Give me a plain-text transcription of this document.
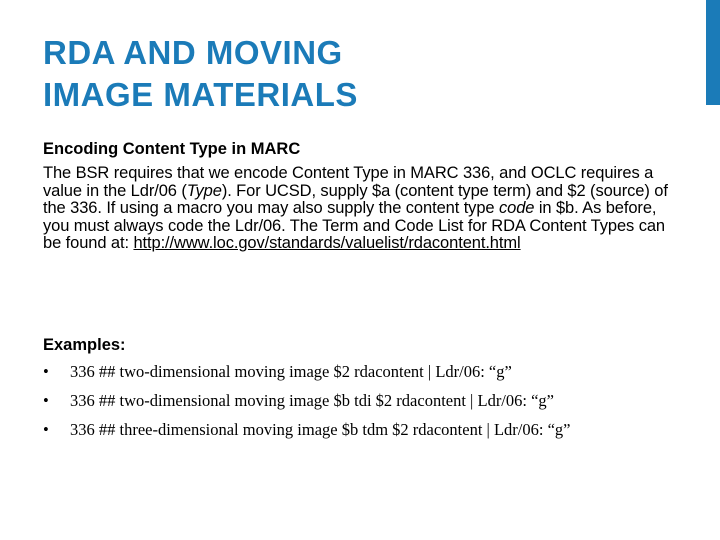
RDA AND MOVING
IMAGE MATERIALS

Encoding Content Type in MARC

The BSR requires that we encode Content Type in MARC 336, and OCLC requires a value in the Ldr/06 (Type). For UCSD, supply $a (content type term) and $2 (source) of the 336. If using a macro you may also supply the content type code in $b. As before, you must always code the Ldr/06. The Term and Code List for RDA Content Types can be found at: http://www.loc.gov/standards/valuelist/rdacontent.html

Examples:

•	336 ## two-dimensional moving image $2 rdacontent | Ldr/06: “g”
•	336 ## two-dimensional moving image $b tdi $2 rdacontent | Ldr/06: “g”
•	336 ## three-dimensional moving image $b tdm $2 rdacontent | Ldr/06: “g”
